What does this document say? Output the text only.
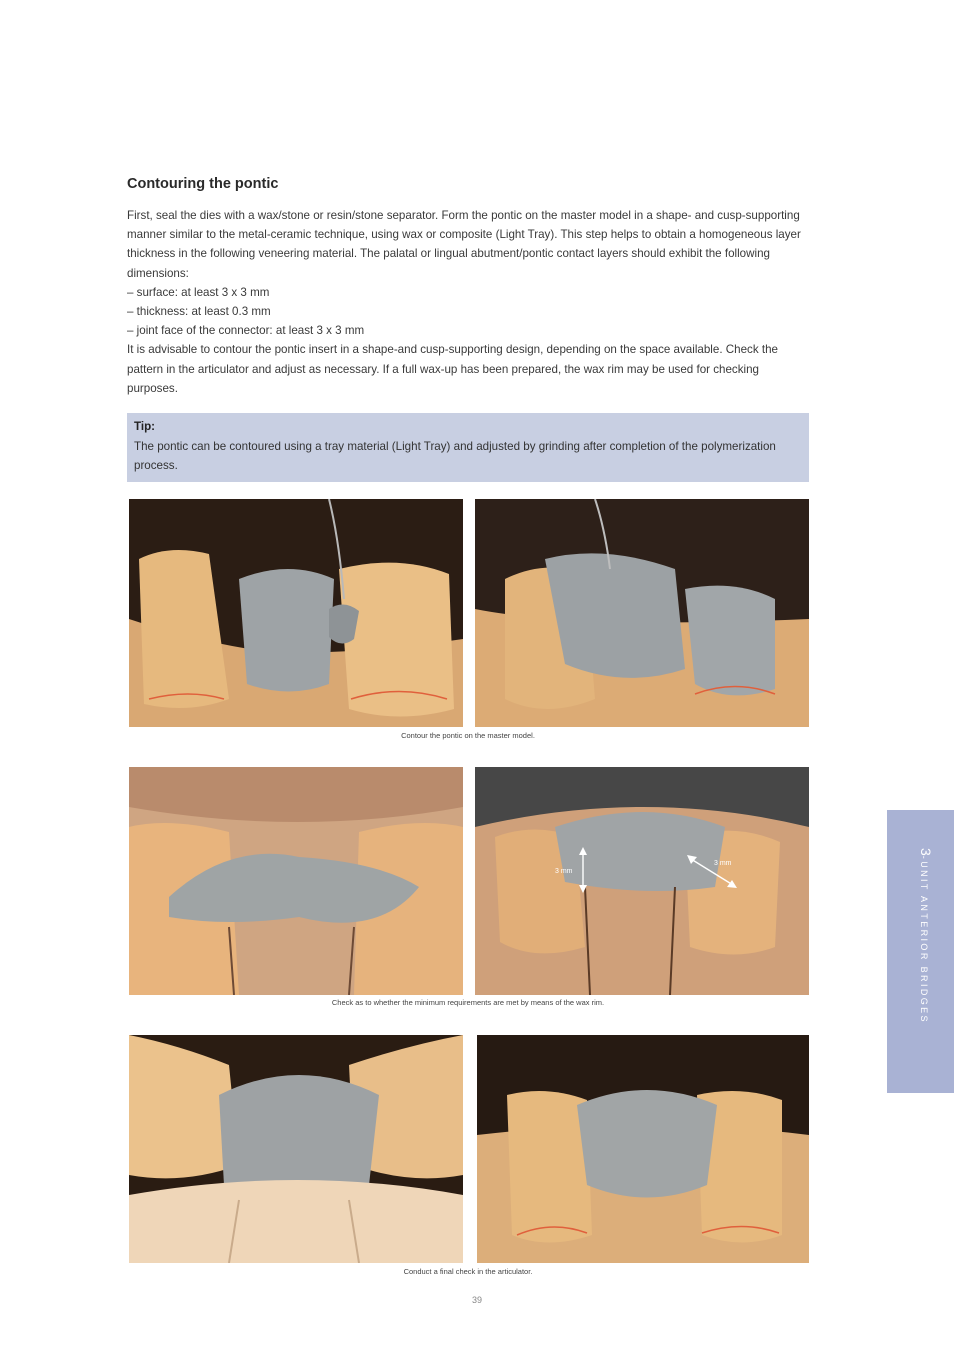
Contouring the pontic

First, seal the dies with a wax/stone or resin/stone separator. Form the pontic on the master model in a shape- and cusp-supporting manner similar to the metal-ceramic technique, using wax or composite (Light Tray). This step helps to obtain a homogeneous layer thickness in the following veneering material. The palatal or lingual abutment/pontic contact layers should exhibit the following dimensions:

– surface: at least 3 x 3 mm
– thickness: at least 0.3 mm
– joint face of the connector: at least 3 x 3 mm

It is advisable to contour the pontic insert in a shape-and cusp-supporting design, depending on the space available. Check the pattern in the articulator and adjust as necessary. If a full wax-up has been prepared, the wax rim may be used for checking purposes.

Tip:
The pontic can be contoured using a tray material (Light Tray) and adjusted by grinding after completion of the polymerization process.
Contour the pontic on the master model.
3 mm
3 mm
Check as to whether the minimum requirements are met by means of the wax rim.
Conduct a final check in the articulator.
3-UNIT ANTERIOR BRIDGES
39
